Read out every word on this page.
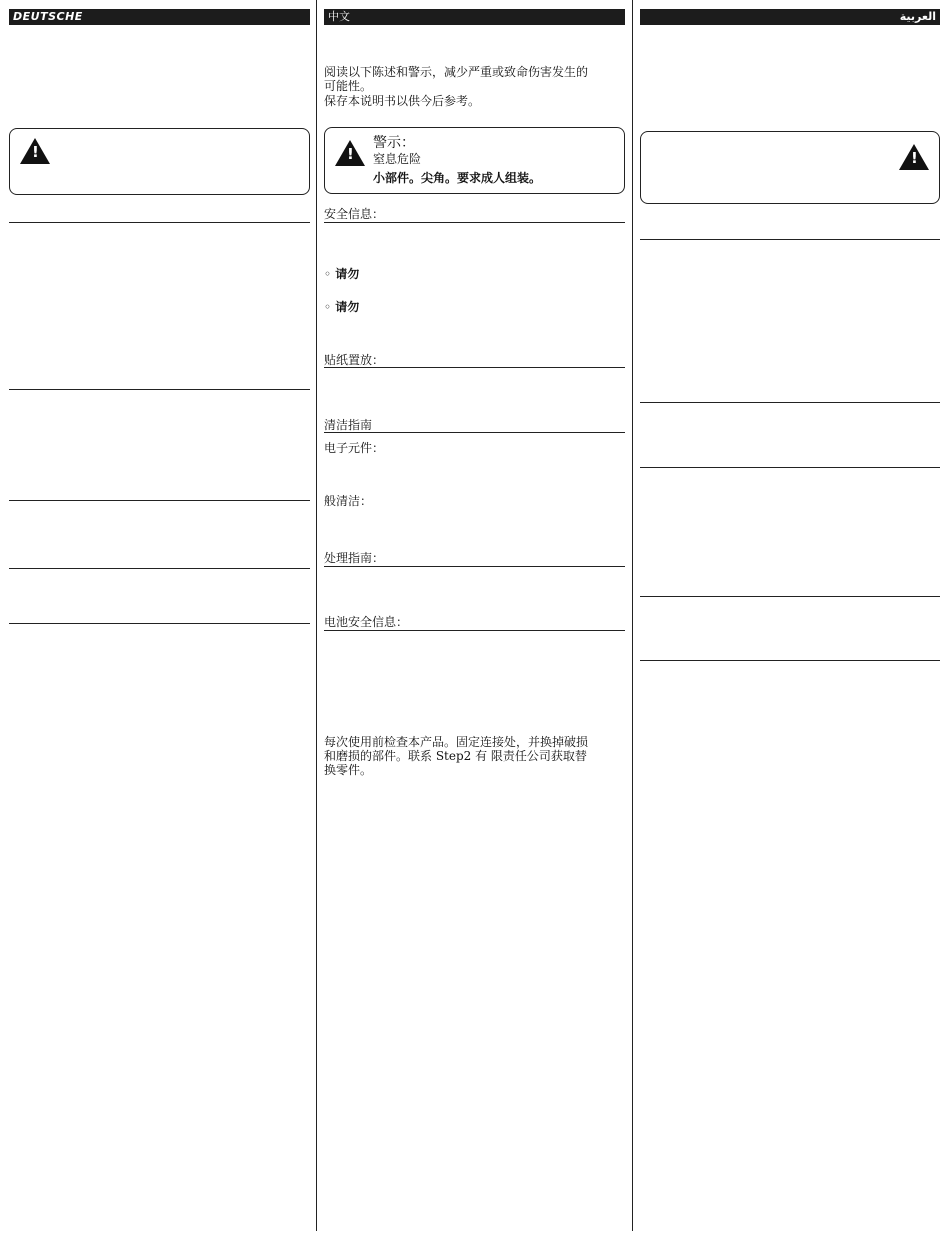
DEUTSCHE
!	中文
阅读以下陈述和警示，减少严重或致命伤害发生的
可能性。
保存本说明书以供今后参考。
!
警示：
窒息危险
小部件。尖角。要求成人组装。
安全信息：
◦ 请勿
◦ 请勿
贴纸置放：
清洁指南
电子元件：
般清洁：
处理指南：
电池安全信息：
每次使用前检查本产品。固定连接处，并换掉破损
和磨损的部件。联系 Step2 有 限责任公司获取替
换零件。
العربية
!
